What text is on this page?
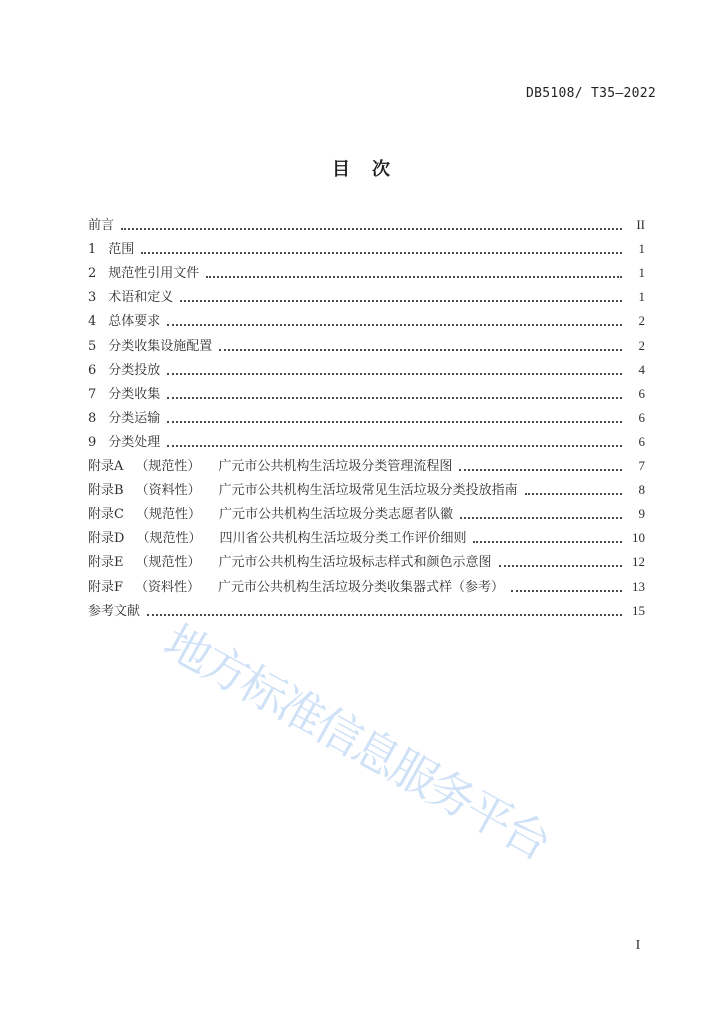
地方标准信息服务平台
DB5108/ T35—2022
目　次
前言	II
1 范围	1
2 规范性引用文件	1
3 术语和定义	1
4 总体要求	2
5 分类收集设施配置	2
6 分类投放	4
7 分类收集	6
8 分类运输	6
9 分类处理	6
附录A （规范性） 广元市公共机构生活垃圾分类管理流程图	7
附录B （资料性） 广元市公共机构生活垃圾常见生活垃圾分类投放指南	8
附录C （规范性） 广元市公共机构生活垃圾分类志愿者队徽	9
附录D （规范性） 四川省公共机构生活垃圾分类工作评价细则	10
附录E （规范性） 广元市公共机构生活垃圾标志样式和颜色示意图	12
附录F （资料性） 广元市公共机构生活垃圾分类收集器式样（参考）	13
参考文献	15
I
